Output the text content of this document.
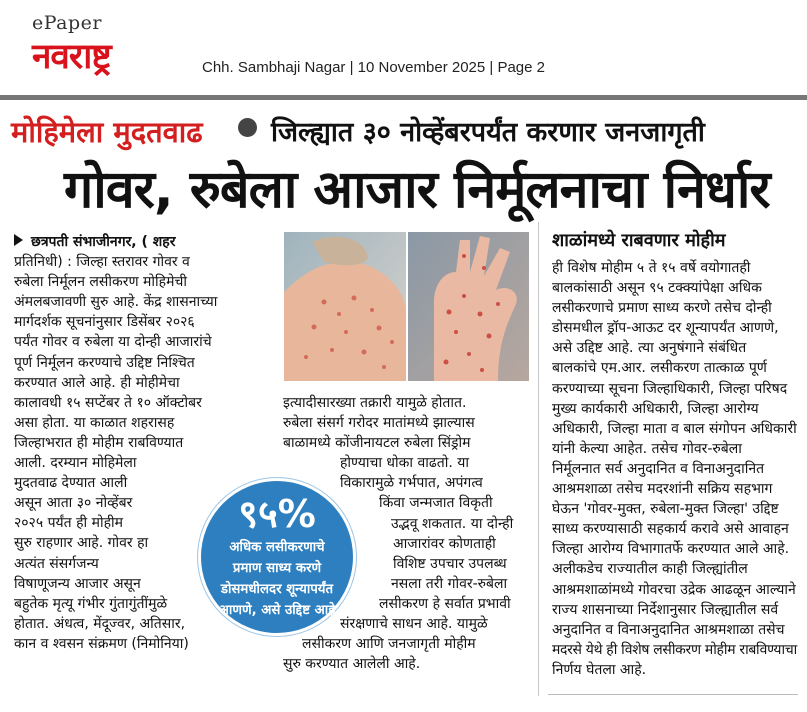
ePaper
नवराष्ट्र	Chh. Sambhaji Nagar | 10 November 2025 | Page 2
मोहिमेला मुदतवाढ	जिल्ह्यात ३० नोव्हेंबरपर्यंत करणार जनजागृती
गोवर, रुबेला आजार निर्मूलनाचा निर्धार
छत्रपती संभाजीनगर, ( शहर
प्रतिनिधी) : जिल्हा स्तरावर गोवर व
रुबेला निर्मूलन लसीकरण मोहिमेची
अंमलबजावणी सुरु आहे. केंद्र शासनाच्या
मार्गदर्शक सूचनांनुसार डिसेंबर २०२६
पर्यंत गोवर व रुबेला या दोन्ही आजारांचे
पूर्ण निर्मूलन करण्याचे उद्दिष्ट निश्चित
करण्यात आले आहे. ही मोहीमेचा
कालावधी १५ सप्टेंबर ते १० ऑक्टोबर
असा होता. या काळात शहरासह
जिल्हाभरात ही मोहीम राबविण्यात
आली. दरम्यान मोहिमेला
मुदतवाढ देण्यात आली
असून आता ३० नोव्हेंबर
२०२५ पर्यंत ही मोहीम
सुरु राहणार आहे. गोवर हा
अत्यंत संसर्गजन्य
विषाणूजन्य आजार असून
बहुतेक मृत्यू गंभीर गुंतागुंतींमुळे
होतात. अंधत्व, मेंदूज्वर, अतिसार,
कान व श्वसन संक्रमण (निमोनिया)
इत्यादीसारख्या तक्रारी यामुळे होतात.
रुबेला संसर्ग गरोदर मातांमध्ये झाल्यास
बाळामध्ये कोंजीनायटल रुबेला सिंड्रोम
होण्याचा धोका वाढतो. या
विकारामुळे गर्भपात, अपंगत्व
किंवा जन्मजात विकृती
उद्भवू शकतात. या दोन्ही
आजारांवर कोणताही
विशिष्ट उपचार उपलब्ध
नसला तरी गोवर-रुबेला
लसीकरण हे सर्वात प्रभावी
संरक्षणाचे साधन आहे. यामुळे
लसीकरण आणि जनजागृती मोहीम
सुरु करण्यात आलेली आहे.
९५%
अधिक लसीकरणाचे
प्रमाण साध्य करणे
डोसमधीलदर शून्यापर्यंत
आणणे, असे उद्दिष्ट आहे
शाळांमध्ये राबवणार मोहीम
ही विशेष मोहीम ५ ते १५ वर्षे वयोगातही
बालकांसाठी असून ९५ टक्क्यांपेक्षा अधिक
लसीकरणाचे प्रमाण साध्य करणे तसेच दोन्ही
डोसमधील ड्रॉप-आऊट दर शून्यापर्यंत आणणे,
असे उद्दिष्ट आहे. त्या अनुषंगाने संबंधित
बालकांचे एम.आर. लसीकरण तात्काळ पूर्ण
करण्याच्या सूचना जिल्हाधिकारी, जिल्हा परिषद
मुख्य कार्यकारी अधिकारी, जिल्हा आरोग्य
अधिकारी, जिल्हा माता व बाल संगोपन अधिकारी
यांनी केल्या आहेत. तसेच गोवर-रुबेला
निर्मूलनात सर्व अनुदानित व विनाअनुदानित
आश्रमशाळा तसेच मदरशांनी सक्रिय सहभाग
घेऊन 'गोवर-मुक्त, रुबेला-मुक्त जिल्हा' उद्दिष्ट
साध्य करण्यासाठी सहकार्य करावे असे आवाहन
जिल्हा आरोग्य विभागातर्फे करण्यात आले आहे.
अलीकडेच राज्यातील काही जिल्ह्यांतील
आश्रमशाळांमध्ये गोवरचा उद्रेक आढळून आल्याने
राज्य शासनाच्या निर्देशानुसार जिल्ह्यातील सर्व
अनुदानित व विनाअनुदानित आश्रमशाळा तसेच
मदरसे येथे ही विशेष लसीकरण मोहीम राबविण्याचा
निर्णय घेतला आहे.
